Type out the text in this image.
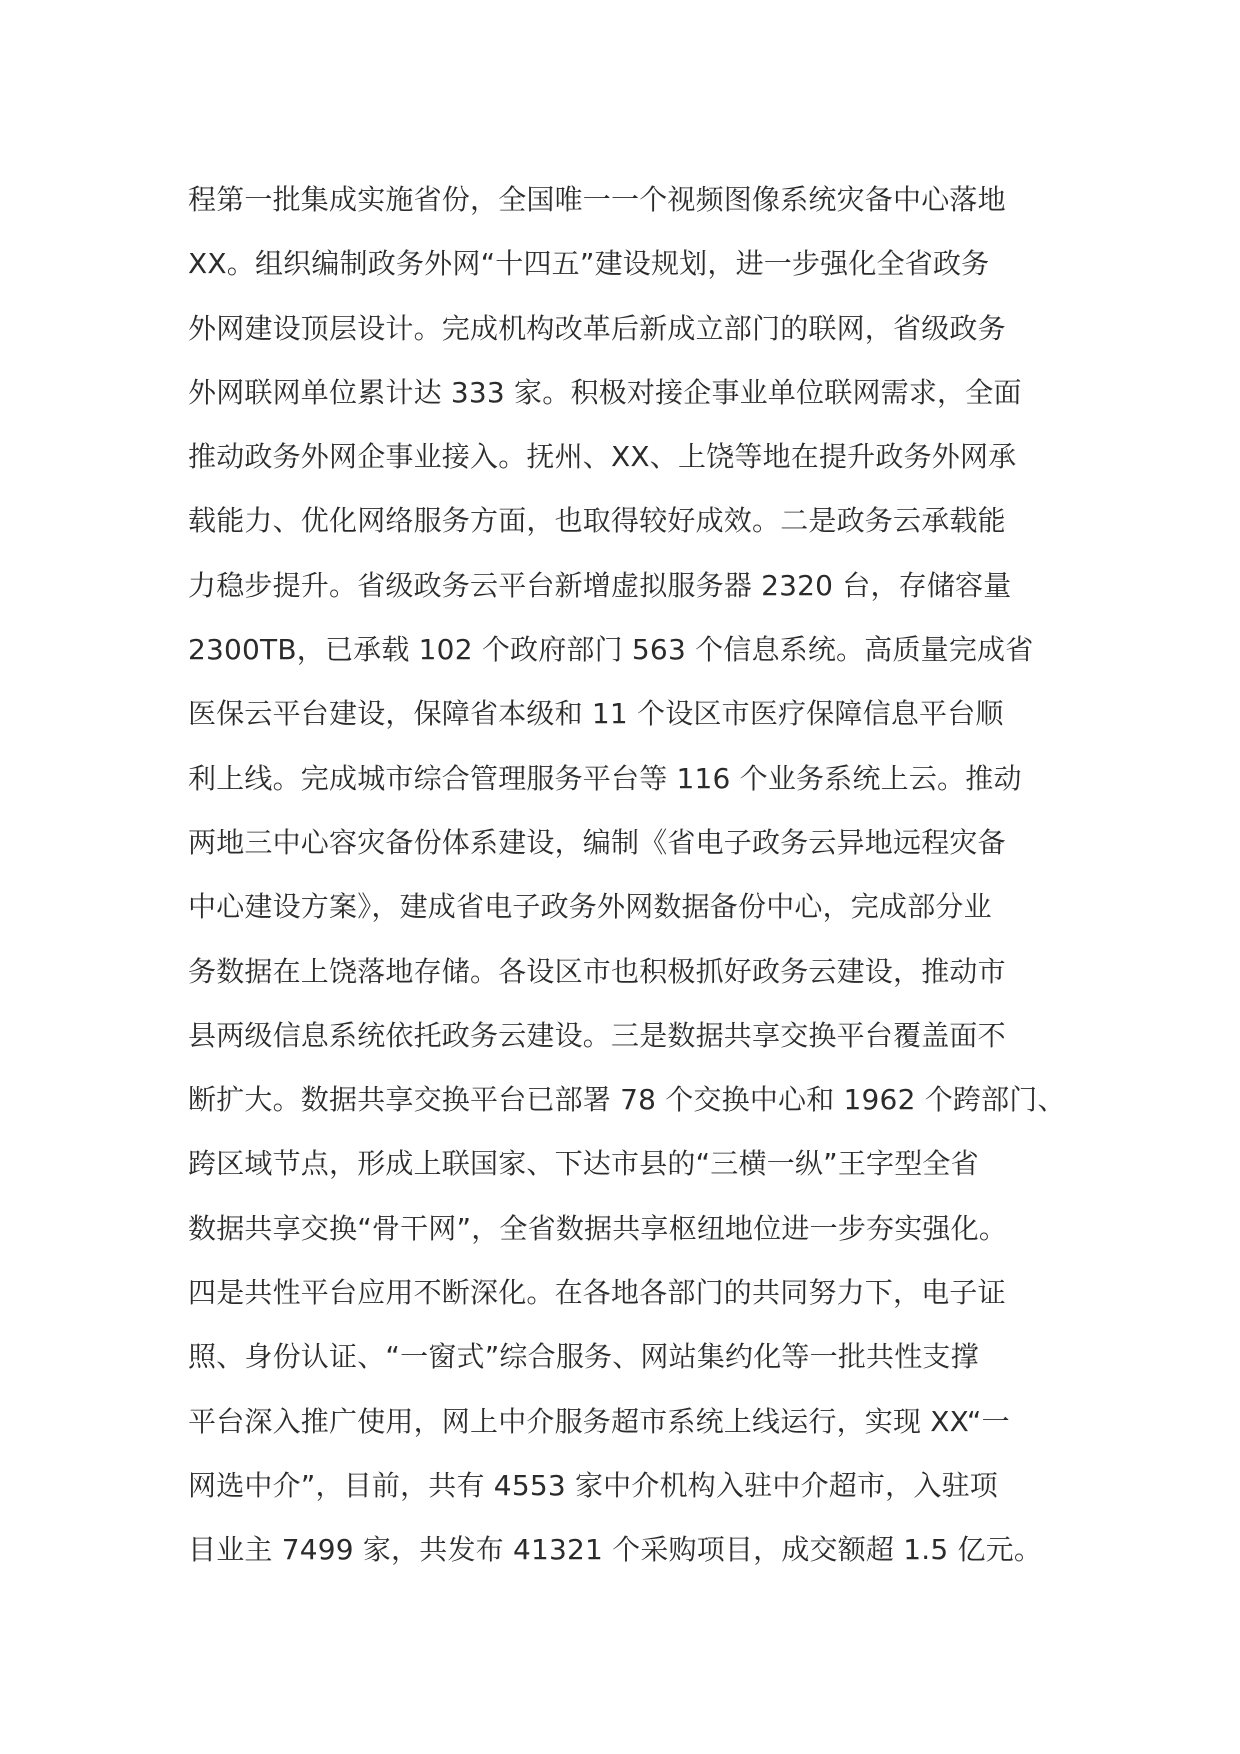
程第一批集成实施省份，全国唯一一个视频图像系统灾备中心落地
XX。组织编制政务外网“十四五”建设规划，进一步强化全省政务
外网建设顶层设计。完成机构改革后新成立部门的联网，省级政务
外网联网单位累计达 333 家。积极对接企事业单位联网需求，全面
推动政务外网企事业接入。抚州、XX、上饶等地在提升政务外网承
载能力、优化网络服务方面，也取得较好成效。二是政务云承载能
力稳步提升。省级政务云平台新增虚拟服务器 2320 台，存储容量
2300TB，已承载 102 个政府部门 563 个信息系统。高质量完成省
医保云平台建设，保障省本级和 11 个设区市医疗保障信息平台顺
利上线。完成城市综合管理服务平台等 116 个业务系统上云。推动
两地三中心容灾备份体系建设，编制《省电子政务云异地远程灾备
中心建设方案》，建成省电子政务外网数据备份中心，完成部分业
务数据在上饶落地存储。各设区市也积极抓好政务云建设，推动市
县两级信息系统依托政务云建设。三是数据共享交换平台覆盖面不
断扩大。数据共享交换平台已部署 78 个交换中心和 1962 个跨部门、
跨区域节点，形成上联国家、下达市县的“三横一纵”王字型全省
数据共享交换“骨干网”，全省数据共享枢纽地位进一步夯实强化。
四是共性平台应用不断深化。在各地各部门的共同努力下，电子证
照、身份认证、“一窗式”综合服务、网站集约化等一批共性支撑
平台深入推广使用，网上中介服务超市系统上线运行，实现 XX“一
网选中介”，目前，共有 4553 家中介机构入驻中介超市，入驻项
目业主 7499 家，共发布 41321 个采购项目，成交额超 1.5 亿元。
